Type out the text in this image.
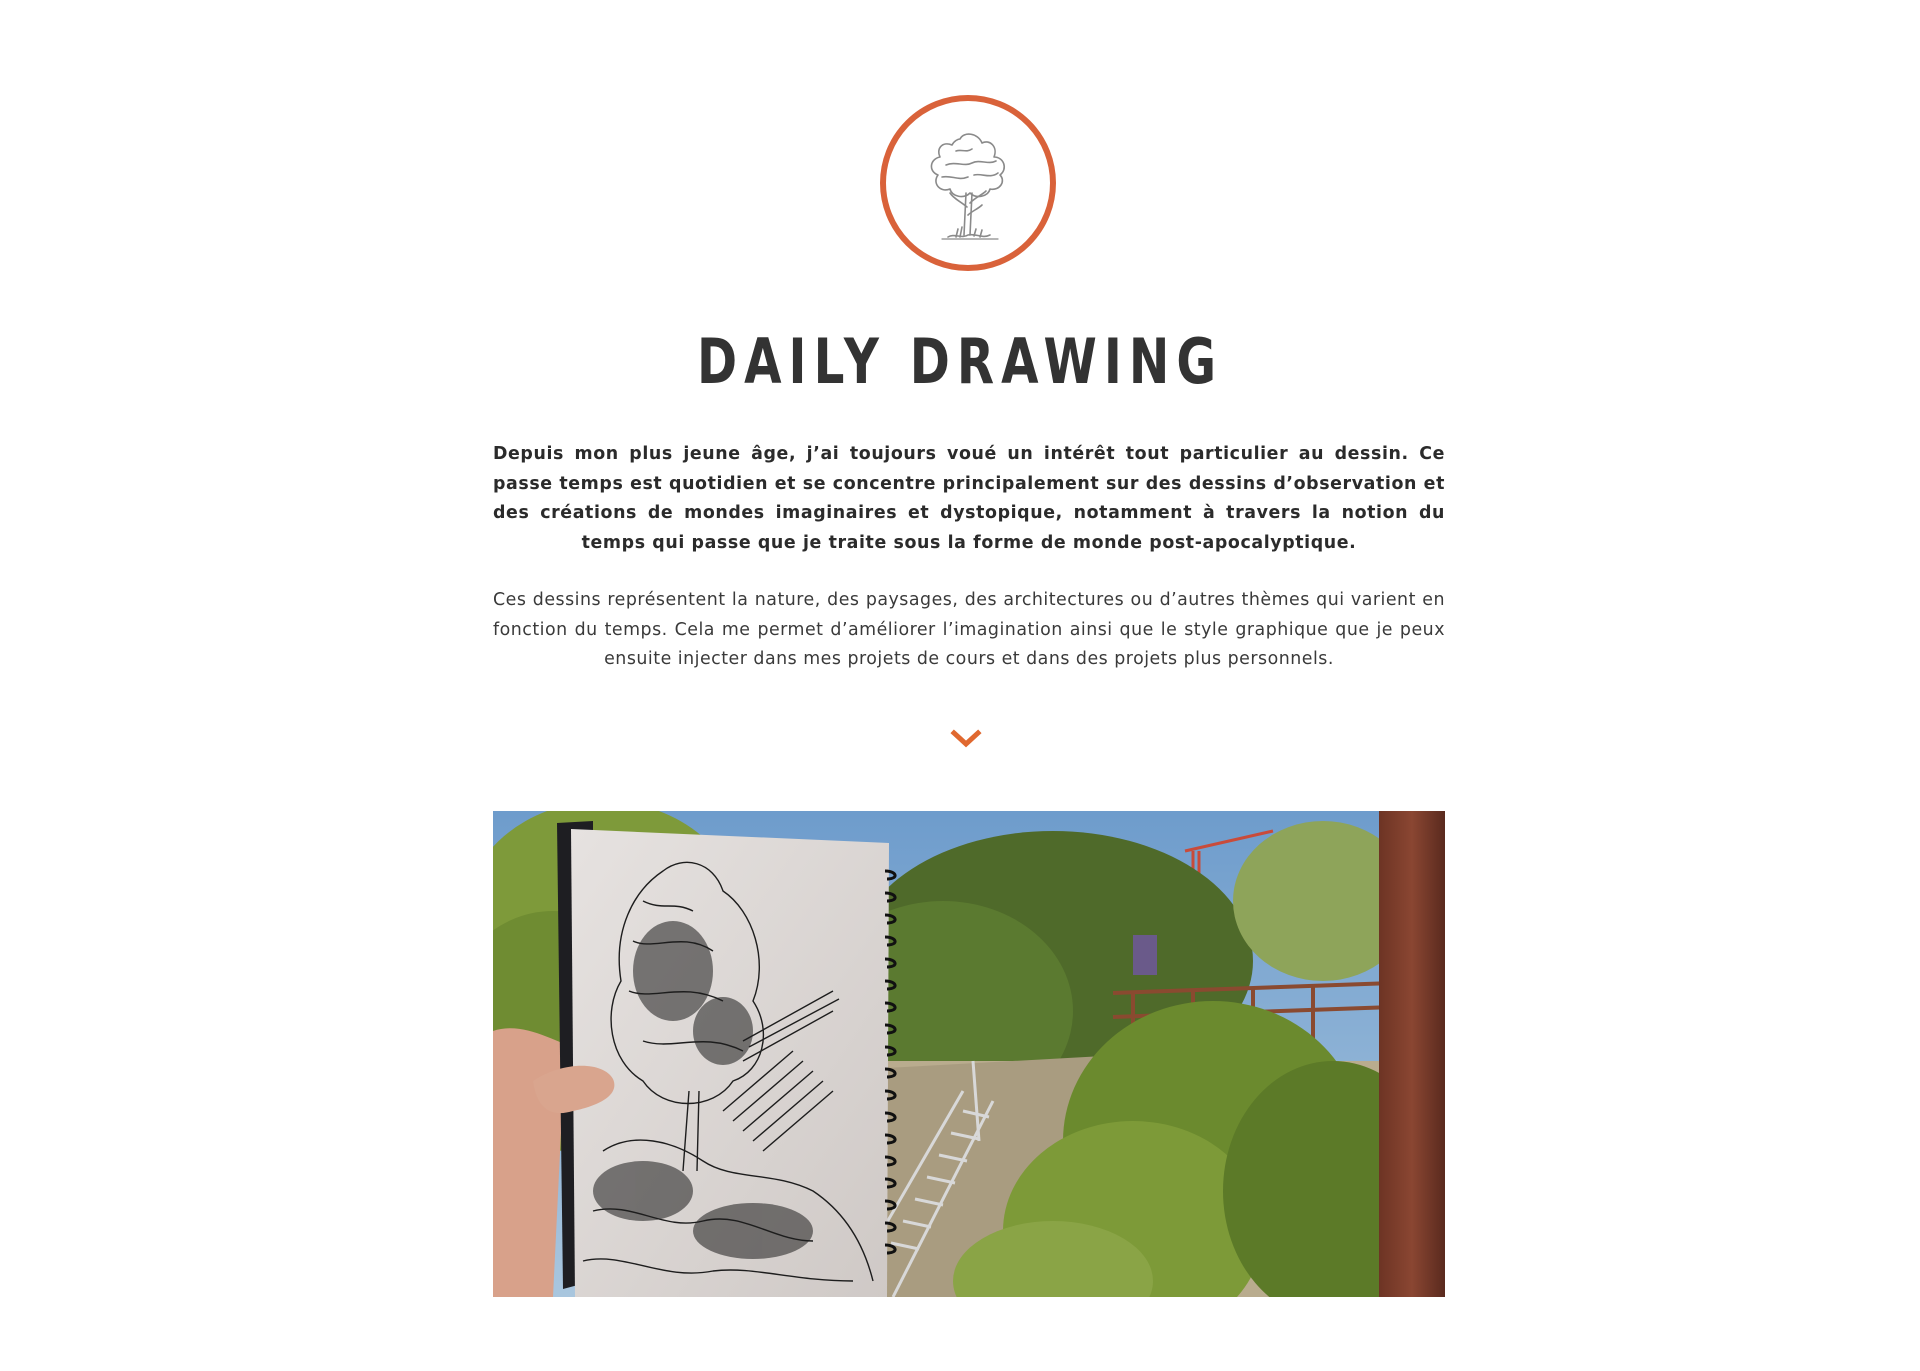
DAILY DRAWING

Depuis mon plus jeune âge, j’ai toujours voué un intérêt tout particulier au dessin. Ce passe temps est quotidien et se concentre principalement sur des dessins d’observation et des créations de mondes imaginaires et dystopique, notamment à travers la notion du temps qui passe que je traite sous la forme de monde post-apocalyptique.

Ces dessins représentent la nature, des paysages, des architectures ou d’autres thèmes qui varient en fonction du temps. Cela me permet d’améliorer l’imagination ainsi que le style graphique que je peux ensuite injecter dans mes projets de cours et dans des projets plus personnels.
